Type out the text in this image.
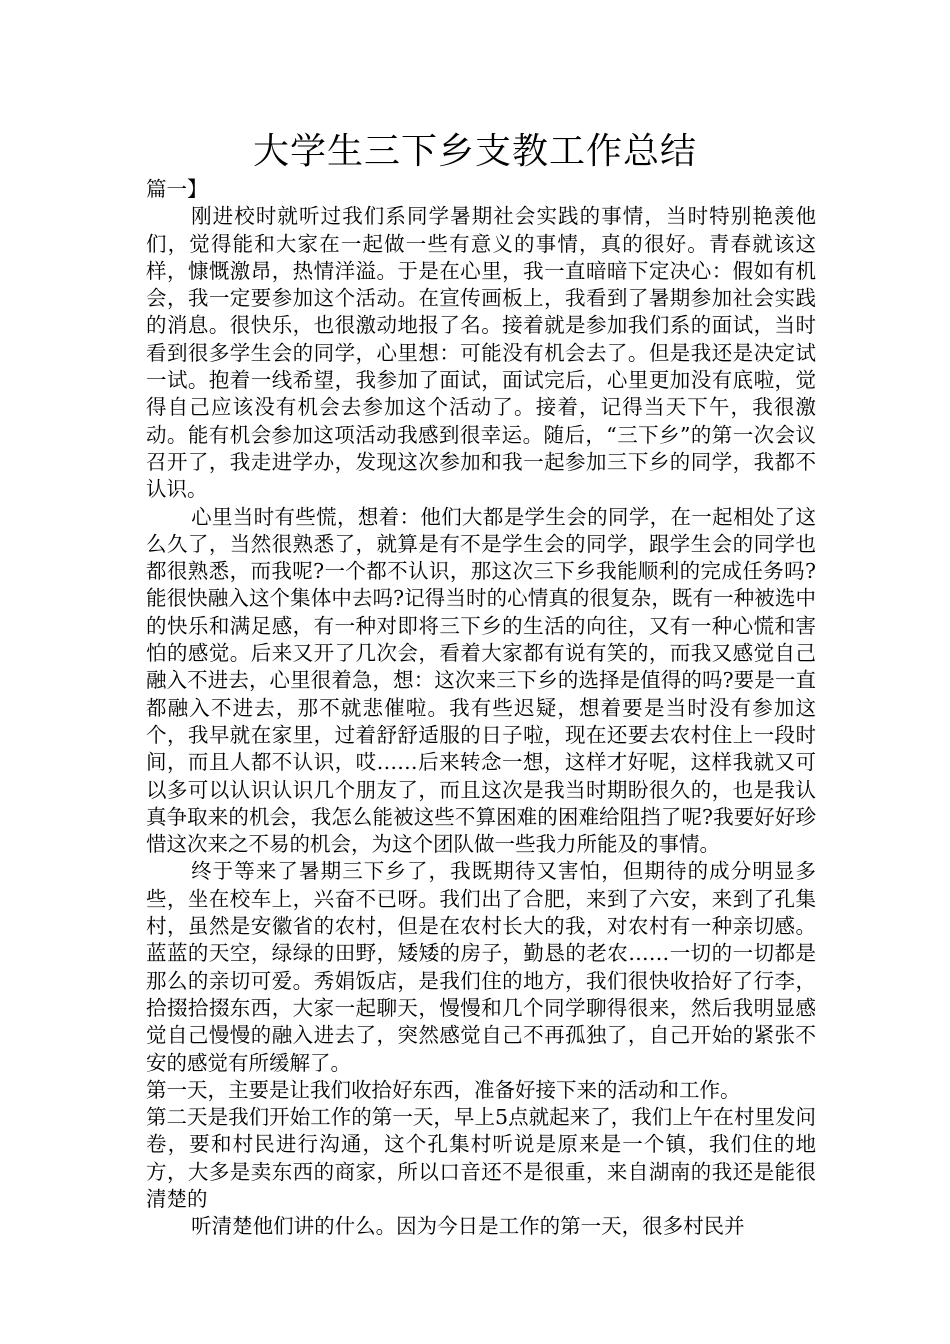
大学生三下乡支教工作总结

篇一】

刚进校时就听过我们系同学暑期社会实践的事情，当时特别艳羡他们，觉得能和大家在一起做一些有意义的事情，真的很好。青春就该这样，慷慨激昂，热情洋溢。于是在心里，我一直暗暗下定决心：假如有机会，我一定要参加这个活动。在宣传画板上，我看到了暑期参加社会实践的消息。很快乐，也很激动地报了名。接着就是参加我们系的面试，当时看到很多学生会的同学，心里想：可能没有机会去了。但是我还是决定试一试。抱着一线希望，我参加了面试，面试完后，心里更加没有底啦，觉得自己应该没有机会去参加这个活动了。接着，记得当天下午，我很激动。能有机会参加这项活动我感到很幸运。随后，“三下乡”的第一次会议召开了，我走进学办，发现这次参加和我一起参加三下乡的同学，我都不认识。

心里当时有些慌，想着：他们大都是学生会的同学，在一起相处了这么久了，当然很熟悉了，就算是有不是学生会的同学，跟学生会的同学也都很熟悉，而我呢?一个都不认识，那这次三下乡我能顺利的完成任务吗?能很快融入这个集体中去吗?记得当时的心情真的很复杂，既有一种被选中的快乐和满足感，有一种对即将三下乡的生活的向往，又有一种心慌和害怕的感觉。后来又开了几次会，看着大家都有说有笑的，而我又感觉自己融入不进去，心里很着急，想：这次来三下乡的选择是值得的吗?要是一直都融入不进去，那不就悲催啦。我有些迟疑，想着要是当时没有参加这个，我早就在家里，过着舒舒适服的日子啦，现在还要去农村住上一段时间，而且人都不认识，哎……后来转念一想，这样才好呢，这样我就又可以多可以认识认识几个朋友了，而且这次是我当时期盼很久的，也是我认真争取来的机会，我怎么能被这些不算困难的困难给阻挡了呢?我要好好珍惜这次来之不易的机会，为这个团队做一些我力所能及的事情。

终于等来了暑期三下乡了，我既期待又害怕，但期待的成分明显多些，坐在校车上，兴奋不已呀。我们出了合肥，来到了六安，来到了孔集村，虽然是安徽省的农村，但是在农村长大的我，对农村有一种亲切感。蓝蓝的天空，绿绿的田野，矮矮的房子，勤恳的老农……一切的一切都是那么的亲切可爱。秀娟饭店，是我们住的地方，我们很快收拾好了行李，拾掇拾掇东西，大家一起聊天，慢慢和几个同学聊得很来，然后我明显感觉自己慢慢的融入进去了，突然感觉自己不再孤独了，自己开始的紧张不安的感觉有所缓解了。

第一天，主要是让我们收拾好东西，准备好接下来的活动和工作。

第二天是我们开始工作的第一天，早上5点就起来了，我们上午在村里发问卷，要和村民进行沟通，这个孔集村听说是原来是一个镇，我们住的地方，大多是卖东西的商家，所以口音还不是很重，来自湖南的我还是能很清楚的

听清楚他们讲的什么。因为今日是工作的第一天，很多村民并
